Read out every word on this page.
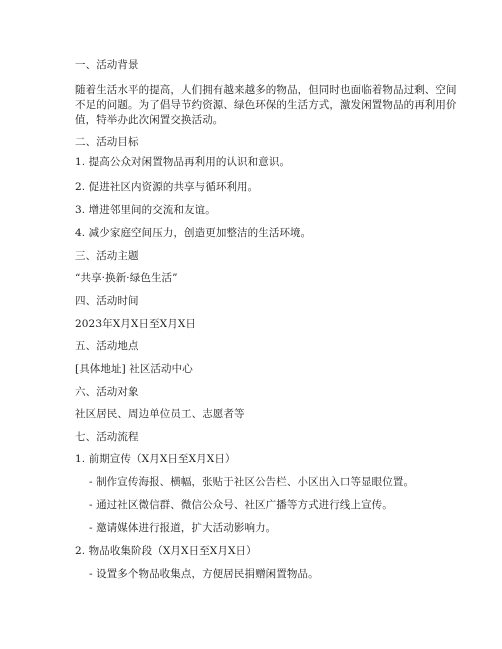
一、活动背景
随着生活水平的提高，人们拥有越来越多的物品，但同时也面临着物品过剩、空间
不足的问题。为了倡导节约资源、绿色环保的生活方式，激发闲置物品的再利用价
值，特举办此次闲置交换活动。
二、活动目标
1. 提高公众对闲置物品再利用的认识和意识。
2. 促进社区内资源的共享与循环利用。
3. 增进邻里间的交流和友谊。
4. 减少家庭空间压力，创造更加整洁的生活环境。
三、活动主题
“共享·换新·绿色生活”
四、活动时间
2023年X月X日至X月X日
五、活动地点
[具体地址] 社区活动中心
六、活动对象
社区居民、周边单位员工、志愿者等
七、活动流程
1. 前期宣传（X月X日至X月X日）
- 制作宣传海报、横幅，张贴于社区公告栏、小区出入口等显眼位置。
- 通过社区微信群、微信公众号、社区广播等方式进行线上宣传。
- 邀请媒体进行报道，扩大活动影响力。
2. 物品收集阶段（X月X日至X月X日）
- 设置多个物品收集点，方便居民捐赠闲置物品。
